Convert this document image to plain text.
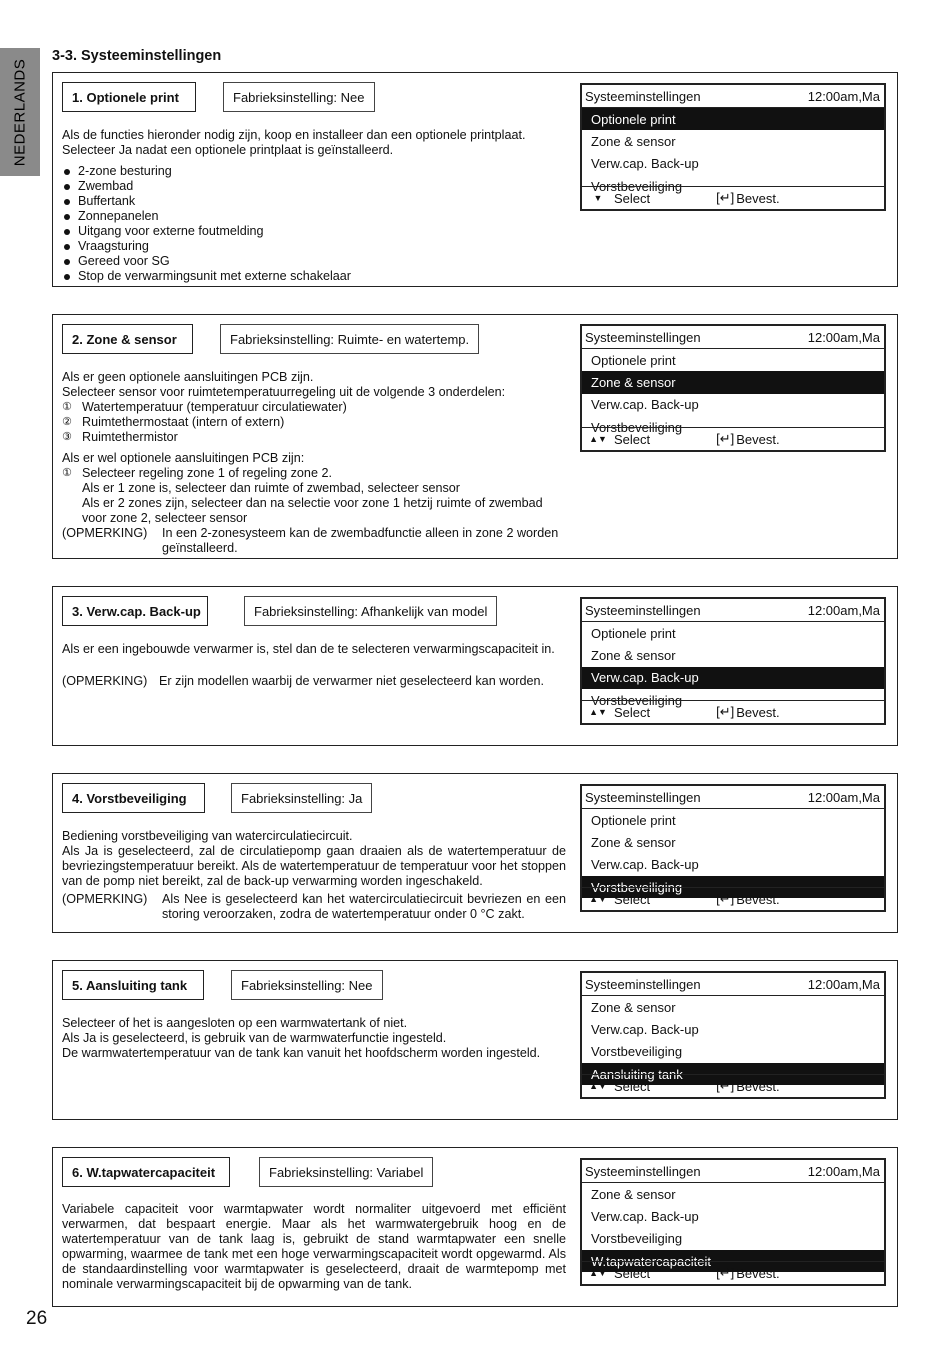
NEDERLANDS
3-3. Systeeminstellingen
1. Optionele print	Fabrieksinstelling: Nee

Als de functies hieronder nodig zijn, koop en installeer dan een optionele printplaat. Selecteer Ja nadat een optionele printplaat is geïnstalleerd.

2-zone besturing
Zwembad
Buffertank
Zonnepanelen
Uitgang voor externe foutmelding
Vraagsturing
Gereed voor SG
Stop de verwarmingsunit met externe schakelaar
Systeeminstellingen	12:00am,Ma
Optionele print
Zone & sensor
Verw.cap. Back-up
Vorstbeveiliging
▼ Select	[↵] Bevest.
2. Zone & sensor	Fabrieksinstelling: Ruimte- en watertemp.

Als er geen optionele aansluitingen PCB zijn.

Selecteer sensor voor ruimtetemperatuurregeling uit de volgende 3 onderdelen:

① Watertemperatuur (temperatuur circulatiewater)
② Ruimtethermostaat (intern of extern)
③ Ruimtethermistor

Als er wel optionele aansluitingen PCB zijn:

① Selecteer regeling zone 1 of regeling zone 2.

Als er 1 zone is, selecteer dan ruimte of zwembad, selecteer sensor

Als er 2 zones zijn, selecteer dan na selectie voor zone 1 hetzij ruimte of zwembad voor zone 2, selecteer sensor

(OPMERKING)	In een 2-zonesysteem kan de zwembadfunctie alleen in zone 2 worden geïnstalleerd.
Systeeminstellingen	12:00am,Ma
Optionele print
Zone & sensor
Verw.cap. Back-up
Vorstbeveiliging
▲▼ Select	[↵] Bevest.
3. Verw.cap. Back-up	Fabrieksinstelling: Afhankelijk van model

Als er een ingebouwde verwarmer is, stel dan de te selecteren verwarmingscapaciteit in.

(OPMERKING) Er zijn modellen waarbij de verwarmer niet geselecteerd kan worden.
Systeeminstellingen	12:00am,Ma
Optionele print
Zone & sensor
Verw.cap. Back-up
Vorstbeveiliging
▲▼ Select	[↵] Bevest.
4. Vorstbeveiliging	Fabrieksinstelling: Ja

Bediening vorstbeveiliging van watercirculatiecircuit.

Als Ja is geselecteerd, zal de circulatiepomp gaan draaien als de watertemperatuur de bevriezingstemperatuur bereikt. Als de watertemperatuur de temperatuur voor het stoppen van de pomp niet bereikt, zal de back-up verwarming worden ingeschakeld.

(OPMERKING)	Als Nee is geselecteerd kan het watercirculatiecircuit bevriezen en een storing veroorzaken, zodra de watertemperatuur onder 0 °C zakt.
Systeeminstellingen	12:00am,Ma
Optionele print
Zone & sensor
Verw.cap. Back-up
Vorstbeveiliging
▲▼ Select	[↵] Bevest.
5. Aansluiting tank	Fabrieksinstelling: Nee

Selecteer of het is aangesloten op een warmwatertank of niet.

Als Ja is geselecteerd, is gebruik van de warmwaterfunctie ingesteld.

De warmwatertemperatuur van de tank kan vanuit het hoofdscherm worden ingesteld.

Systeeminstellingen	12:00am,Ma
Zone & sensor
Verw.cap. Back-up
Vorstbeveiliging
Aansluiting tank
▲▼ Select	[↵] Bevest.
6. W.tapwatercapaciteit	Fabrieksinstelling: Variabel

Variabele capaciteit voor warmtapwater wordt normaliter uitgevoerd met efficiënt verwarmen, dat bespaart energie. Maar als het warmwatergebruik hoog en de watertemperatuur van de tank laag is, gebruikt de stand warmtapwater een snelle opwarming, waarmee de tank met een hoge verwarmingscapaciteit wordt opgewarmd. Als de standaardinstelling voor warmtapwater is geselecteerd, draait de warmtepomp met nominale verwarmingscapaciteit bij de opwarming van de tank.

Systeeminstellingen	12:00am,Ma
Zone & sensor
Verw.cap. Back-up
Vorstbeveiliging
W.tapwatercapaciteit
▲▼ Select	[↵] Bevest.
26
